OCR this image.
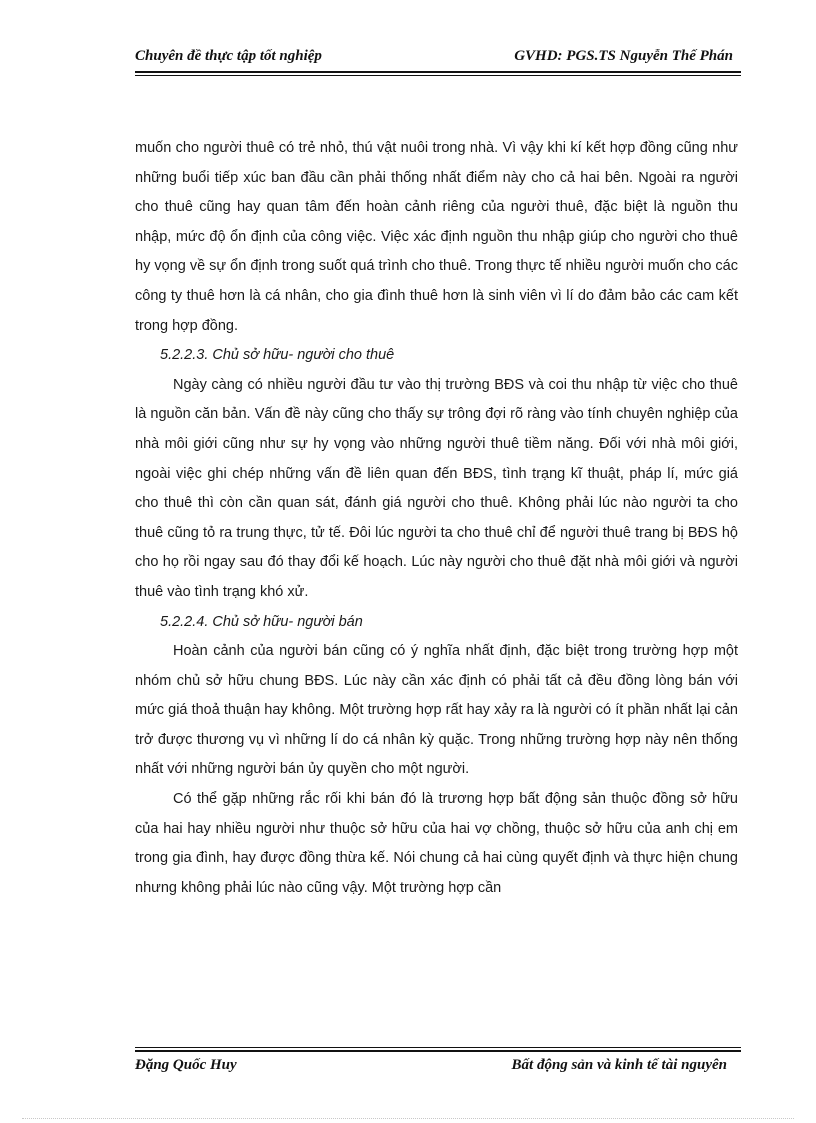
Chuyên đề thực tập tốt nghiệp	GVHD: PGS.TS Nguyễn Thế Phán

muốn cho người thuê có trẻ nhỏ, thú vật nuôi trong nhà. Vì vậy khi kí kết hợp đồng cũng như những buổi tiếp xúc ban đầu cần phải thống nhất điểm này cho cả hai bên. Ngoài ra người cho thuê cũng hay quan tâm đến hoàn cảnh riêng của người thuê, đặc biệt là nguồn thu nhập, mức độ ổn định của công việc. Việc xác định nguồn thu nhập giúp cho người cho thuê hy vọng về sự ổn định trong suốt quá trình cho thuê. Trong thực tế nhiều người muốn cho các công ty thuê hơn là cá nhân, cho gia đình thuê hơn là sinh viên vì lí do đảm bảo các cam kết trong hợp đồng.

5.2.2.3. Chủ sở hữu- người cho thuê

Ngày càng có nhiều người đầu tư vào thị trường BĐS và coi thu nhập từ việc cho thuê là nguồn căn bản. Vấn đề này cũng cho thấy sự trông đợi rõ ràng vào tính chuyên nghiệp của nhà môi giới cũng như sự hy vọng vào những người thuê tiềm năng. Đối với nhà môi giới, ngoài việc ghi chép những vấn đề liên quan đến BĐS, tình trạng kĩ thuật, pháp lí, mức giá cho thuê thì còn cần quan sát, đánh giá người cho thuê. Không phải lúc nào người ta cho thuê cũng tỏ ra trung thực, tử tế. Đôi lúc người ta cho thuê chỉ để người thuê trang bị BĐS hộ cho họ rồi ngay sau đó thay đổi kế hoạch. Lúc này người cho thuê đặt nhà môi giới và người thuê vào tình trạng khó xử.

5.2.2.4. Chủ sở hữu- người bán

Hoàn cảnh của người bán cũng có ý nghĩa nhất định, đặc biệt trong trường hợp một nhóm chủ sở hữu chung BĐS. Lúc này cần xác định có phải tất cả đều đồng lòng bán với mức giá thoả thuận hay không. Một trường hợp rất hay xảy ra là người có ít phần nhất lại cản trở được thương vụ vì những lí do cá nhân kỳ quặc. Trong những trường hợp này nên thống nhất với những người bán ủy quyền cho một người.

Có thể gặp những rắc rối khi bán đó là trương hợp bất động sản thuộc đồng sở hữu của hai hay nhiều người như thuộc sở hữu của hai vợ chồng, thuộc sở hữu của anh chị em trong gia đình, hay được đồng thừa kế. Nói chung cả hai cùng quyết định và thực hiện chung nhưng không phải lúc nào cũng vậy. Một trường hợp cần

Đặng Quốc Huy	Bất động sản và kinh tế tài nguyên
